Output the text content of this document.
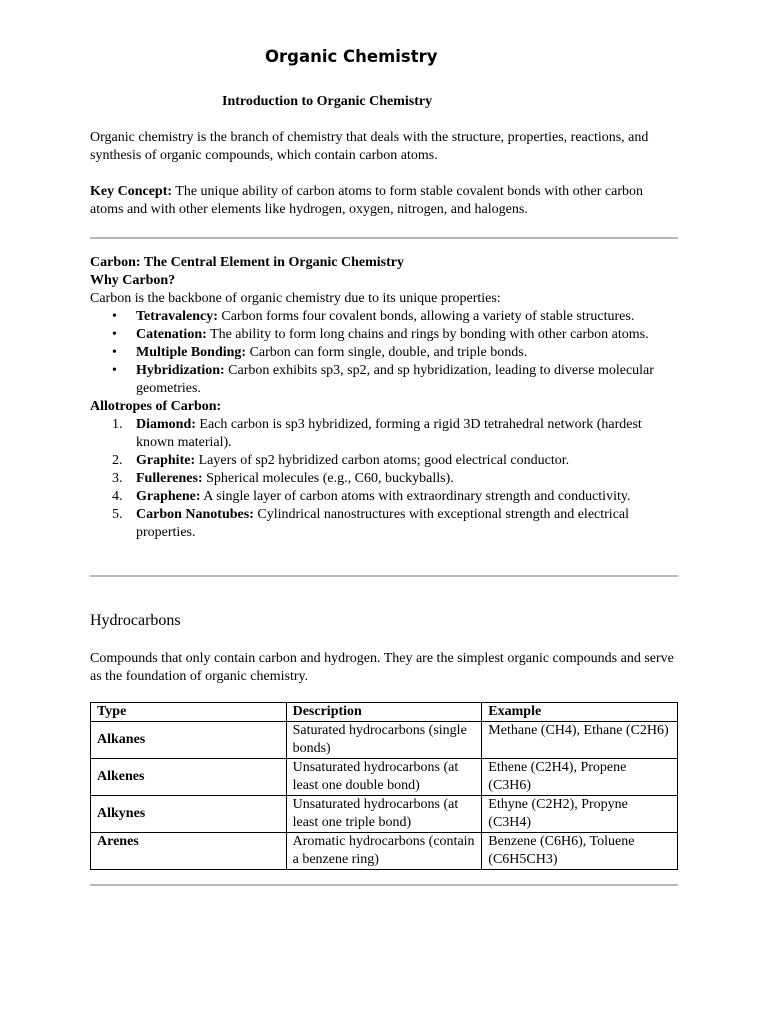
Organic Chemistry
Introduction to Organic Chemistry

Organic chemistry is the branch of chemistry that deals with the structure, properties, reactions, and synthesis of organic compounds, which contain carbon atoms.

Key Concept: The unique ability of carbon atoms to form stable covalent bonds with other carbon atoms and with other elements like hydrogen, oxygen, nitrogen, and halogens.

Carbon: The Central Element in Organic Chemistry
Why Carbon?
Carbon is the backbone of organic chemistry due to its unique properties:
• Tetravalency: Carbon forms four covalent bonds, allowing a variety of stable structures.
• Catenation: The ability to form long chains and rings by bonding with other carbon atoms.
• Multiple Bonding: Carbon can form single, double, and triple bonds.
• Hybridization: Carbon exhibits sp3, sp2, and sp hybridization, leading to diverse molecular geometries.
Allotropes of Carbon:
1. Diamond: Each carbon is sp3 hybridized, forming a rigid 3D tetrahedral network (hardest known material).
2. Graphite: Layers of sp2 hybridized carbon atoms; good electrical conductor.
3. Fullerenes: Spherical molecules (e.g., C60, buckyballs).
4. Graphene: A single layer of carbon atoms with extraordinary strength and conductivity.
5. Carbon Nanotubes: Cylindrical nanostructures with exceptional strength and electrical properties.
Hydrocarbons

Compounds that only contain carbon and hydrogen. They are the simplest organic compounds and serve as the foundation of organic chemistry.

Type	Description	Example
Alkanes	Saturated hydrocarbons (single bonds)	Methane (CH4), Ethane (C2H6)
Alkenes	Unsaturated hydrocarbons (at least one double bond)	Ethene (C2H4), Propene (C3H6)
Alkynes	Unsaturated hydrocarbons (at least one triple bond)	Ethyne (C2H2), Propyne (C3H4)
Arenes	Aromatic hydrocarbons (contain a benzene ring)	Benzene (C6H6), Toluene (C6H5CH3)
